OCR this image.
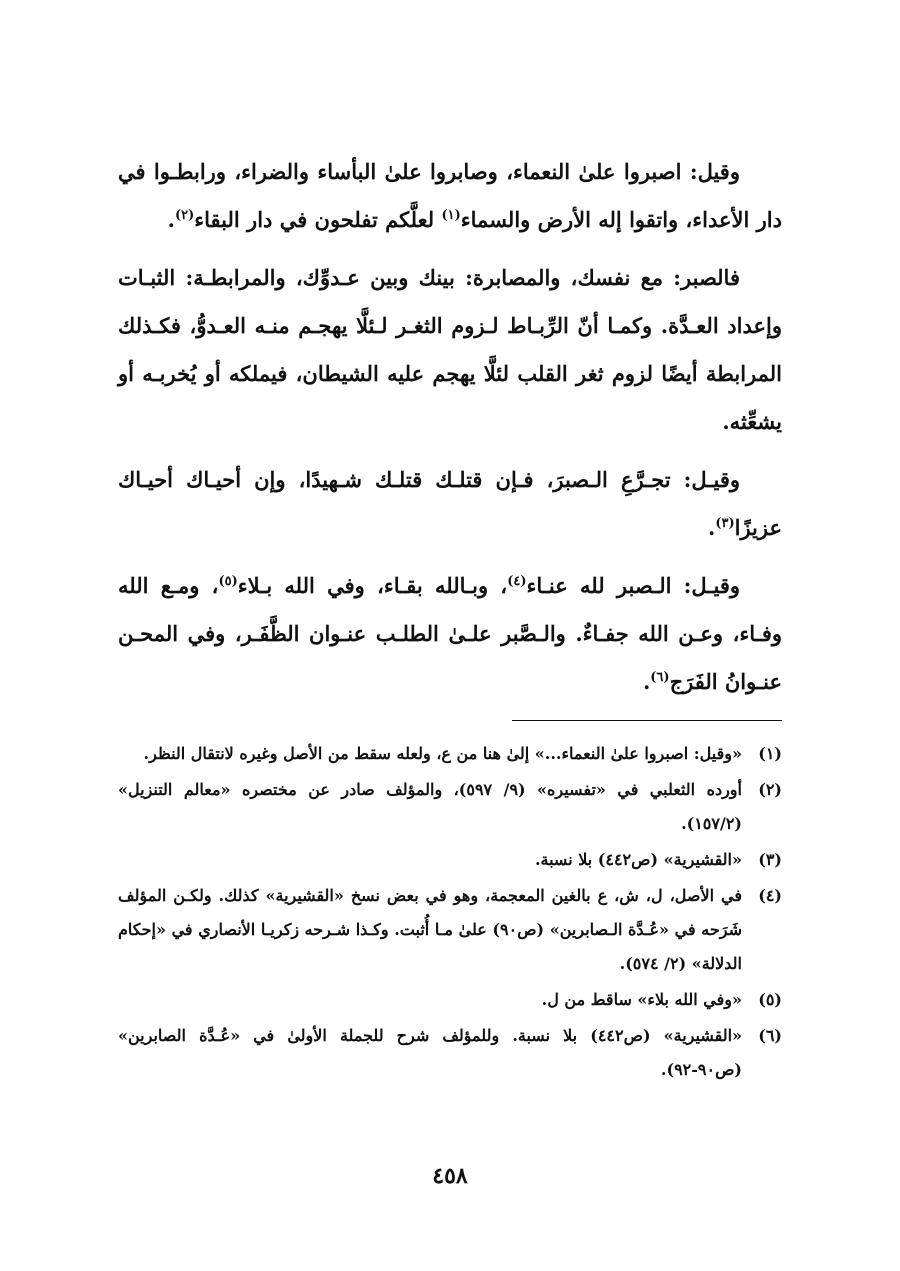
وقيل: اصبروا علىٰ النعماء، وصابروا علىٰ البأساء والضراء، ورابطـوا في دار الأعداء، واتقوا إله الأرض والسماء$^{(١)}$ لعلَّكم تفلحون في دار البقاء$^{(٢)}$.

فالصبر: مع نفسك، والمصابرة: بينك وبين عـدوِّك، والمرابطـة: الثبـات وإعداد العـدَّة. وكمـا أنّ الرِّبـاط لـزوم الثغـر لـئلَّا يهجـم منـه العـدوُّ، فكـذلك المرابطة أيضًا لزوم ثغر القلب لئلَّا يهجم عليه الشيطان، فيملكه أو يُخربـه أو يشعِّثه.

وقيـل: تجـرَّعِ الـصبرَ، فـإن قتلـك قتلـك شـهيدًا، وإن أحيـاك أحيـاك عزيزًا$^{(٣)}$.

وقيـل: الـصبر لله عنـاء$^{(٤)}$، وبـالله بقـاء، وفي الله بـلاء$^{(٥)}$، ومـع الله وفـاء، وعـن الله جفـاءٌ. والـصَّبر علـىٰ الطلـب عنـوان الظَّفَـر، وفي المحـن عنـوانُ الفَرَج$^{(٦)}$.

(١)
«وقيل: اصبروا علىٰ النعماء...» إلىٰ هنا من ع، ولعله سقط من الأصل وغيره لانتقال النظر.
(٢)
أورده الثعلبي في «تفسيره» (٩/ ٥٩٧)، والمؤلف صادر عن مختصره «معالم التنزيل» (١٥٧/٢).
(٣)
«القشيرية» (ص٤٤٢) بلا نسبة.
(٤)
في الأصل، ل، ش، ع بالغين المعجمة، وهو في بعض نسخ «القشيرية» كذلك. ولكـن المؤلف شَرَحه في «عُـدَّة الـصابرين» (ص٩٠) علىٰ مـا أُثبت. وكـذا شـرحه زكريـا الأنصاري في «إحكام الدلالة» (٢/ ٥٧٤).
(٥)
«وفي الله بلاء» ساقط من ل.
(٦)
«القشيرية» (ص٤٤٢) بلا نسبة. وللمؤلف شرح للجملة الأولىٰ في «عُـدَّة الصابرين» (ص٩٠-٩٢).
٤٥٨
